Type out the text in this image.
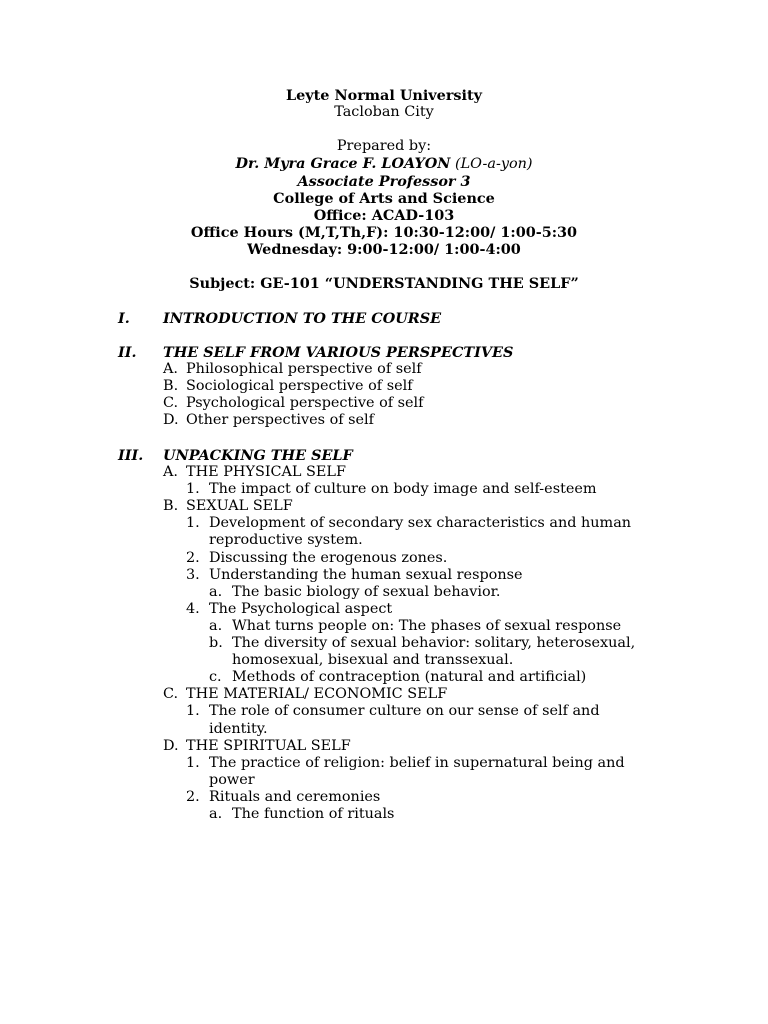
Leyte Normal University
Tacloban City
Prepared by:
Dr. Myra Grace F. LOAYON (LO-a-yon)
Associate Professor 3
College of Arts and Science
Office: ACAD-103
Office Hours (M,T,Th,F): 10:30-12:00/ 1:00-5:30
Wednesday: 9:00-12:00/ 1:00-4:00
Subject: GE-101 “UNDERSTANDING THE SELF”
I. INTRODUCTION TO THE COURSE
II. THE SELF FROM VARIOUS PERSPECTIVES
A. Philosophical perspective of self
B. Sociological perspective of self
C. Psychological perspective of self
D. Other perspectives of self
III. UNPACKING THE SELF
A. THE PHYSICAL SELF
1. The impact of culture on body image and self-esteem
B. SEXUAL SELF
1. Development of secondary sex characteristics and human
reproductive system.
2. Discussing the erogenous zones.
3. Understanding the human sexual response
a. The basic biology of sexual behavior.
4. The Psychological aspect
a. What turns people on: The phases of sexual response
b. The diversity of sexual behavior: solitary, heterosexual,
homosexual, bisexual and transsexual.
c. Methods of contraception (natural and artificial)
C. THE MATERIAL/ ECONOMIC SELF
1. The role of consumer culture on our sense of self and
identity.
D. THE SPIRITUAL SELF
1. The practice of religion: belief in supernatural being and
power
2. Rituals and ceremonies
a. The function of rituals
